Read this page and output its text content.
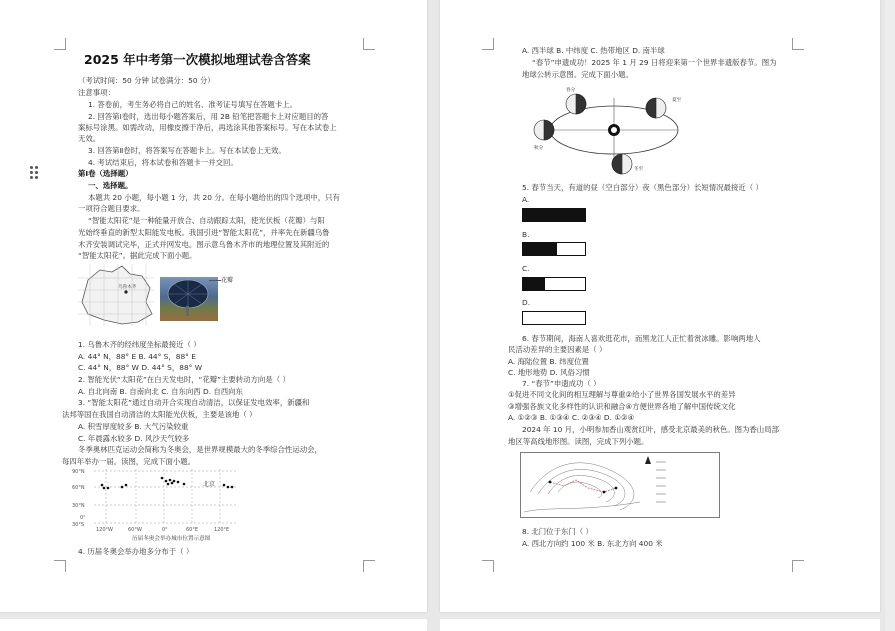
2025 年中考第一次模拟地理试卷含答案
（考试时间：50 分钟 试卷满分：50 分）
注意事项：
1. 答卷前，考生务必将自己的姓名、准考证号填写在答题卡上。
2. 回答第Ⅰ卷时，选出每小题答案后，用 2B 铅笔把答题卡上对应题目的答
案标号涂黑。如需改动，用橡皮擦干净后，再选涂其他答案标号。写在本试卷上
无效。
3. 回答第Ⅱ卷时，将答案写在答题卡上。写在本试卷上无效。
4. 考试结束后，将本试卷和答题卡一并交回。
第Ⅰ卷（选择题）
一、选择题。
本题共 20 小题，每小题 1 分，共 20 分。在每小题给出的四个选项中，只有
一项符合题目要求。
“智能太阳花”是一种能量开放合、自动跟踪太阳，使光伏板（花瓣）与阳
光始终垂直的新型太阳能发电板。我国引进“智能太阳花”，并率先在新疆乌鲁
木齐安装调试完毕，正式并网发电。图示意乌鲁木齐市的地理位置及其附近的
“智能太阳花”。据此完成下面小题。
乌鲁木齐
花瓣
1. 乌鲁木齐的经纬度坐标最接近（ ）
A. 44° N，88° E B. 44° S，88° E
C. 44° N，88° W D. 44° S，88° W
2. 智能光伏“太阳花”在白天发电时，“花瓣”主要转动方向是（ ）
A. 自北向南 B. 自南向北 C. 自东向西 D. 自西向东
3. “智能太阳花”通过自动开合实现自动清洁，以保证发电效率，新疆和
法邦等国在我国自动清洁的太阳能光伏板，主要是该地（ ）
A. 积雪厚度较多 B. 大气污染较重
C. 年晨露水较多 D. 风沙天气较多
冬季奥林匹克运动会简称为冬奥会，是世界规模最大的冬季综合性运动会，
每四年举办一届。读图，完成下面小题。
90°N
60°N
30°N
0°
30°S
120°W	60°W	0°	60°E	120°E
北京
历届冬奥会举办城市位置示意图
4. 历届冬奥会举办地多分布于（ ）
A. 西半球 B. 中纬度 C. 热带地区 D. 南半球
“春节”申遗成功！2025 年 1 月 29 日将迎来第一个世界非遗版春节。图为
地球公转示意图。完成下面小题。
春分
夏至
秋分
冬至
5. 春节当天，有道的昼（空白部分）夜（黑色部分）长短情况最接近（ ）
A.
B.
C.
D.
6. 春节期间，海南人喜欢逛花市，而黑龙江人正忙着赏冰雕。影响两地人
民活动差异的主要因素是（ ）
A. 海陆位置 B. 纬度位置
C. 地形地势 D. 风俗习惯
7. “春节”申遗成功（ ）
①促进不同文化间的相互理解与尊重②给小了世界各国发展水平的差异
③增强各族文化多样性的认识和融合④方便世界各地了解中国传统文化
A. ①②③ B. ①③④ C. ②③④ D. ①②④
2024 年 10 月，小明参加香山观赏红叶，感受北京最美的秋色。图为香山局部
地区等高线地形图。读图，完成下列小题。
8. 北门位于东门（ ）
A. 西北方向约 100 米 B. 东北方向 400 米
